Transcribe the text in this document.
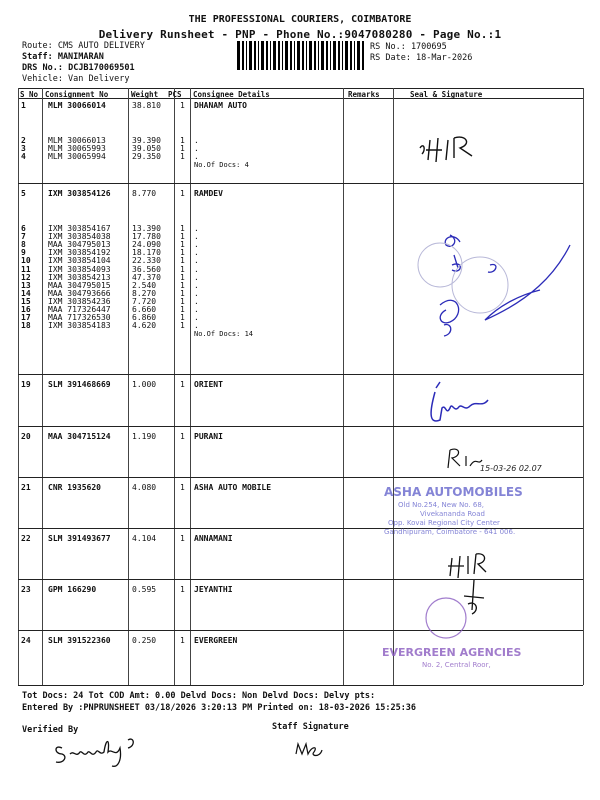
THE PROFESSIONAL COURIERS, COIMBATORE
Delivery Runsheet - PNP - Phone No.:9047080280 - Page No.:1
Route: CMS AUTO DELIVERY
Staff: MANIMARAN
DRS No.: DCJB170069501
Vehicle: Van Delivery
RS No.: 1700695
RS Date: 18-Mar-2026
S No Consignment No	Weight PCS Consignee Details	Remarks	Seal & Signature
1	MLM 30066014	38.810 1 DHANAM AUTO
2	MLM 30066013	39.390 1 .
3	MLM 30065993	39.050 1 .
4	MLM 30065994	29.350 1 .
No.Of Docs: 4
5	IXM 303854126	8.770	1 RAMDEV
6	IXM 303854167	13.390 1 .
7	IXM 303854038	17.780 1 .
8	MAA 304795013	24.090 1 .
9	IXM 303854192	18.170 1 .
10 IXM 303854104	22.330 1 .
11 IXM 303854093	36.560 1 .
12 IXM 303854213	47.370 1 .
13 MAA 304795015	2.540	1 .
14 MAA 304793666	8.270	1 .
15 IXM 303854236	7.720	1 .
16 MAA 717326447	6.660	1 .
17 MAA 717326530	6.860	1 .
18 IXM 303854183	4.620	1 .
No.Of Docs: 14
19 SLM 391468669	1.000	1 ORIENT
20 MAA 304715124	1.190	1 PURANI
21 CNR 1935620	4.080	1 ASHA AUTO MOBILE
22 SLM 391493677	4.104	1 ANNAMANI
23 GPM 166290	0.595	1 JEYANTHI
24 SLM 391522360	0.250	1 EVERGREEN
15-03-26 02.07
ASHA AUTOMOBILES
Old No.254, New No. 68,
Vivekananda Road
Opp. Kovai Regional City Center
Gandhipuram, Coimbatore - 641 006.
EVERGREEN AGENCIES
No. 2, Central Roor,
Tot Docs: 24 Tot COD Amt: 0.00 Delvd Docs: Non Delvd Docs: Delvy pts:
Entered By :PNPRUNSHEET 03/18/2026 3:20:13 PM Printed on: 18-03-2026 15:25:36
Verified By	Staff Signature
